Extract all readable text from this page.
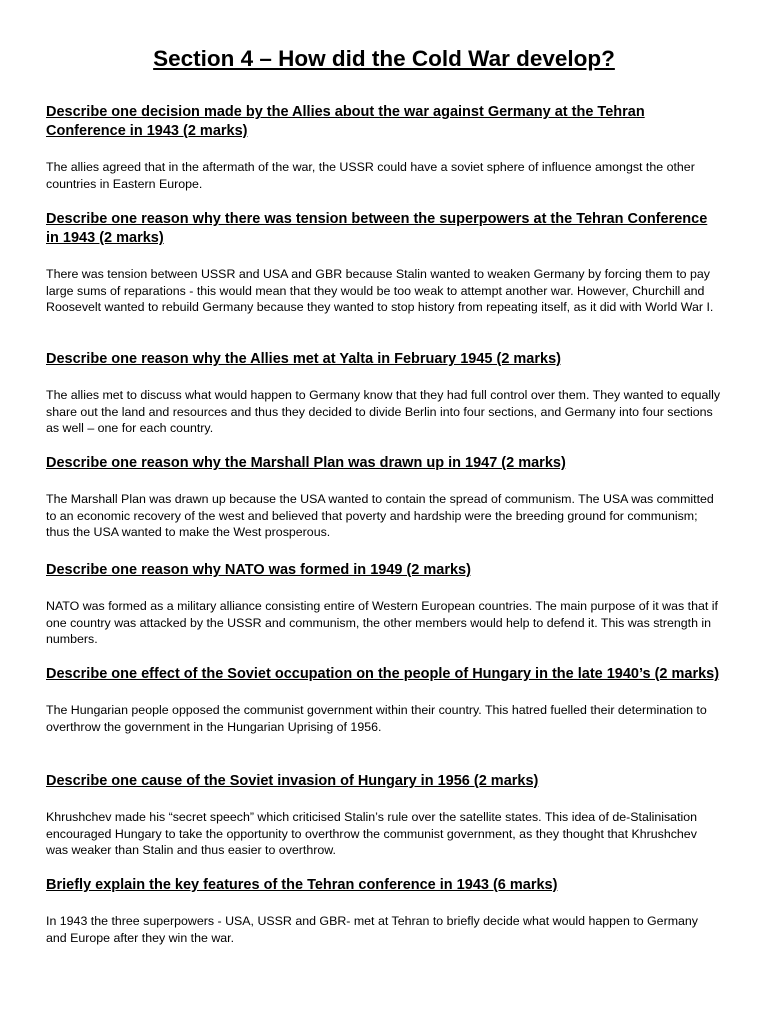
Section 4 – How did the Cold War develop?

Describe one decision made by the Allies about the war against Germany at the Tehran Conference in 1943 (2 marks)

The allies agreed that in the aftermath of the war, the USSR could have a soviet sphere of influence amongst the other countries in Eastern Europe.

Describe one reason why there was tension between the superpowers at the Tehran Conference in 1943 (2 marks)

There was tension between USSR and USA and GBR because Stalin wanted to weaken Germany by forcing them to pay large sums of reparations - this would mean that they would be too weak to attempt another war. However, Churchill and Roosevelt wanted to rebuild Germany because they wanted to stop history from repeating itself, as it did with World War I.

Describe one reason why the Allies met at Yalta in February 1945 (2 marks)

The allies met to discuss what would happen to Germany know that they had full control over them. They wanted to equally share out the land and resources and thus they decided to divide Berlin into four sections, and Germany into four sections as well – one for each country.

Describe one reason why the Marshall Plan was drawn up in 1947 (2 marks)

The Marshall Plan was drawn up because the USA wanted to contain the spread of communism. The USA was committed to an economic recovery of the west and believed that poverty and hardship were the breeding ground for communism; thus the USA wanted to make the West prosperous.

Describe one reason why NATO was formed in 1949 (2 marks)

NATO was formed as a military alliance consisting entire of Western European countries. The main purpose of it was that if one country was attacked by the USSR and communism, the other members would help to defend it. This was strength in numbers.

Describe one effect of the Soviet occupation on the people of Hungary in the late 1940’s (2 marks)

The Hungarian people opposed the communist government within their country. This hatred fuelled their determination to overthrow the government in the Hungarian Uprising of 1956.

Describe one cause of the Soviet invasion of Hungary in 1956 (2 marks)

Khrushchev made his “secret speech” which criticised Stalin’s rule over the satellite states. This idea of de-Stalinisation encouraged Hungary to take the opportunity to overthrow the communist government, as they thought that Khrushchev was weaker than Stalin and thus easier to overthrow.

Briefly explain the key features of the Tehran conference in 1943 (6 marks)

In 1943 the three superpowers - USA, USSR and GBR- met at Tehran to briefly decide what would happen to Germany and Europe after they win the war.
